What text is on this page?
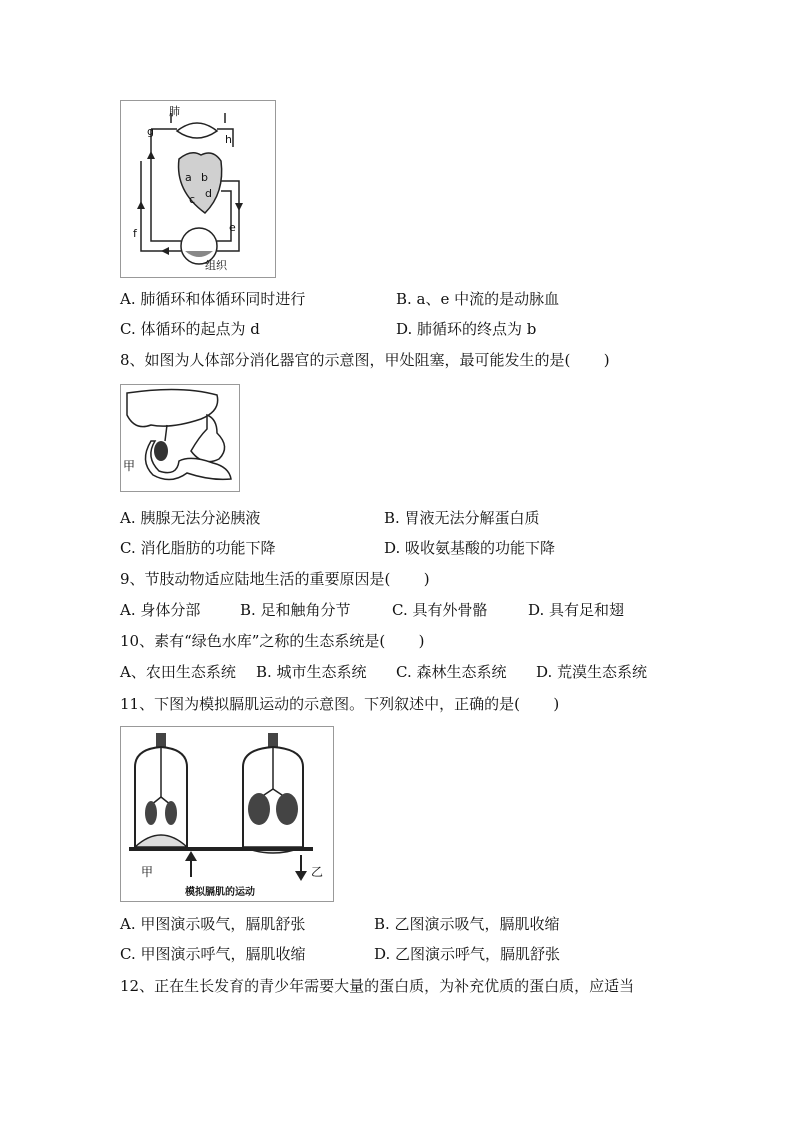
肺
组织
g
h
a b
c d
e
f
A. 肺循环和体循环同时进行	B. a、e 中流的是动脉血
C. 体循环的起点为 d	D. 肺循环的终点为 b
8、如图为人体部分消化器官的示意图，甲处阻塞，最可能发生的是(       )
甲
A. 胰腺无法分泌胰液	B. 胃液无法分解蛋白质
C. 消化脂肪的功能下降	D. 吸收氨基酸的功能下降
9、节肢动物适应陆地生活的重要原因是(       )
A. 身体分部	B. 足和触角分节	C. 具有外骨骼	D. 具有足和翅
10、素有“绿色水库”之称的生态系统是(       )
A、农田生态系统 B. 城市生态系统 C. 森林生态系统 D. 荒漠生态系统
11、下图为模拟膈肌运动的示意图。下列叙述中，正确的是(       )
甲	乙
模拟膈肌的运动
A. 甲图演示吸气，膈肌舒张	B. 乙图演示吸气，膈肌收缩
C. 甲图演示呼气，膈肌收缩	D. 乙图演示呼气，膈肌舒张
12、正在生长发育的青少年需要大量的蛋白质，为补充优质的蛋白质，应适当
